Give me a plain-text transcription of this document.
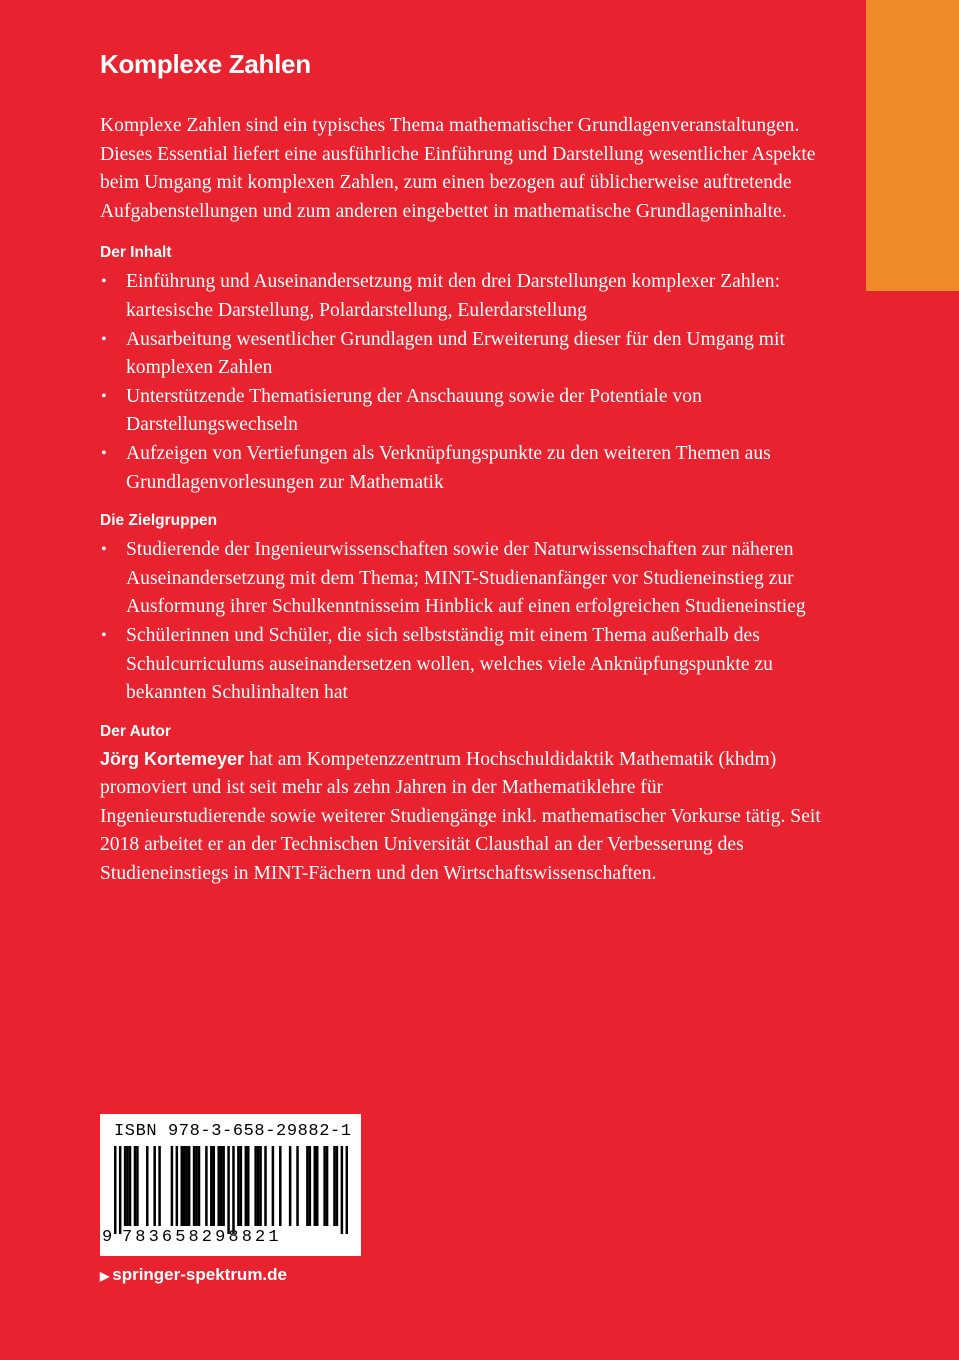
Komplexe Zahlen

Komplexe Zahlen sind ein typisches Thema mathematischer Grundlagenveranstaltungen. Dieses Essential liefert eine ausführliche Einführung und Darstellung wesentlicher Aspekte beim Umgang mit komplexen Zahlen, zum einen bezogen auf üblicherweise auftretende Aufgabenstellungen und zum anderen eingebettet in mathematische Grundlageninhalte.

Der Inhalt
• Einführung und Auseinandersetzung mit den drei Darstellungen komplexer Zahlen: kartesische Darstellung, Polardarstellung, Eulerdarstellung
• Ausarbeitung wesentlicher Grundlagen und Erweiterung dieser für den Umgang mit komplexen Zahlen
• Unterstützende Thematisierung der Anschauung sowie der Potentiale von Darstellungswechseln
• Aufzeigen von Vertiefungen als Verknüpfungspunkte zu den weiteren Themen aus Grundlagenvorlesungen zur Mathematik
Die Zielgruppen
• Studierende der Ingenieurwissenschaften sowie der Naturwissenschaften zur näheren Auseinandersetzung mit dem Thema; MINT-Studienanfänger vor Studieneinstieg zur Ausformung ihrer Schulkenntnisseim Hinblick auf einen erfolgreichen Studieneinstieg
• Schülerinnen und Schüler, die sich selbstständig mit einem Thema außerhalb des Schulcurriculums auseinandersetzen wollen, welches viele Anknüpfungspunkte zu bekannten Schulinhalten hat
Der Autor

Jörg Kortemeyer hat am Kompetenzzentrum Hochschuldidaktik Mathematik (khdm) promoviert und ist seit mehr als zehn Jahren in der Mathematiklehre für Ingenieurstudierende sowie weiterer Studiengänge inkl. mathematischer Vorkurse tätig. Seit 2018 arbeitet er an der Technischen Universität Clausthal an der Verbesserung des Studieneinstiegs in MINT-Fächern und den Wirtschaftswissenschaften.

ISBN 978-3-658-29882-1
9 783658298821
▶ springer-spektrum.de
